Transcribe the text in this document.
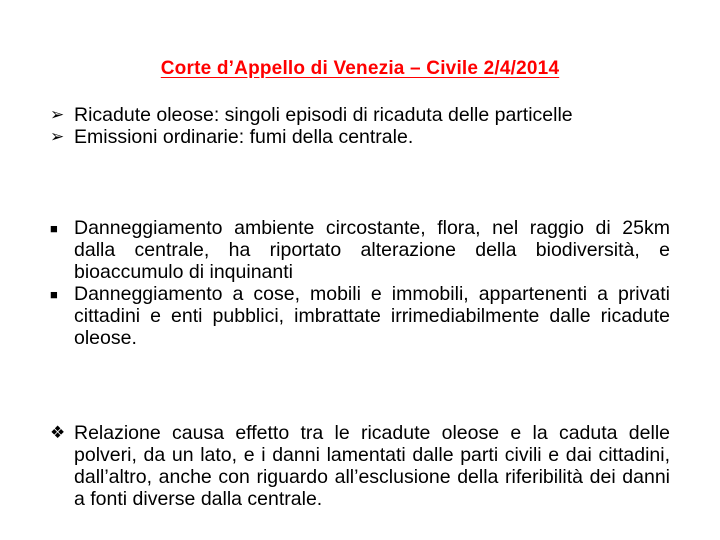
Corte d’Appello di Venezia – Civile 2/4/2014
➢ Ricadute oleose: singoli episodi di ricaduta delle particelle
➢ Emissioni ordinarie: fumi della centrale.
■ Danneggiamento ambiente circostante, flora, nel raggio di 25km dalla centrale, ha riportato alterazione della biodiversità, e bioaccumulo di inquinanti
■ Danneggiamento a cose, mobili e immobili, appartenenti a privati cittadini e enti pubblici, imbrattate irrimediabilmente dalle ricadute oleose.
❖ Relazione causa effetto tra le ricadute oleose e la caduta delle polveri, da un lato, e i danni lamentati dalle parti civili e dai cittadini, dall’altro, anche con riguardo all’esclusione della riferibilità dei danni a fonti diverse dalla centrale.
